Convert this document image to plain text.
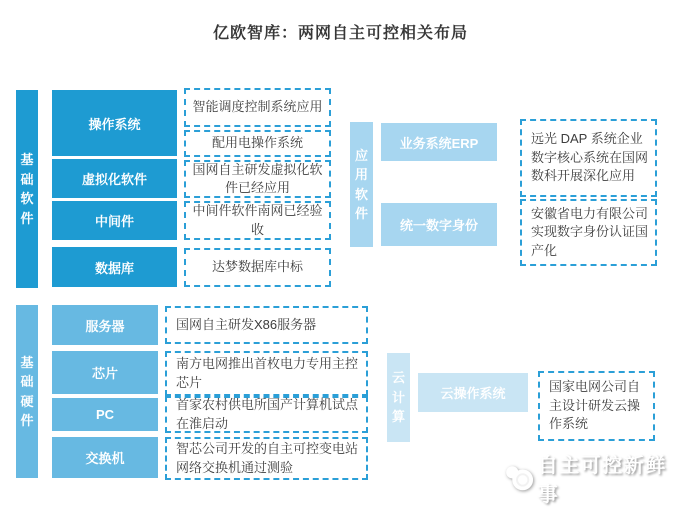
亿欧智库：两网自主可控相关布局
基础软件
操作系统
虚拟化软件
中间件
数据库
智能调度控制系统应用
配用电操作系统
国网自主研发虚拟化软件已经应用
中间件软件南网已经验收
达梦数据库中标
应用软件
业务系统ERP
统一数字身份
远光 DAP 系统企业数字核心系统在国网数科开展深化应用
安徽省电力有限公司实现数字身份认证国产化
基础硬件
服务器
芯片
PC
交换机
国网自主研发X86服务器
南方电网推出首枚电力专用主控芯片
首家农村供电所国产计算机试点在淮启动
智芯公司开发的自主可控变电站网络交换机通过测验
云计算
云操作系统	国家电网公司自主设计研发云操作系统
自主可控新鲜事
